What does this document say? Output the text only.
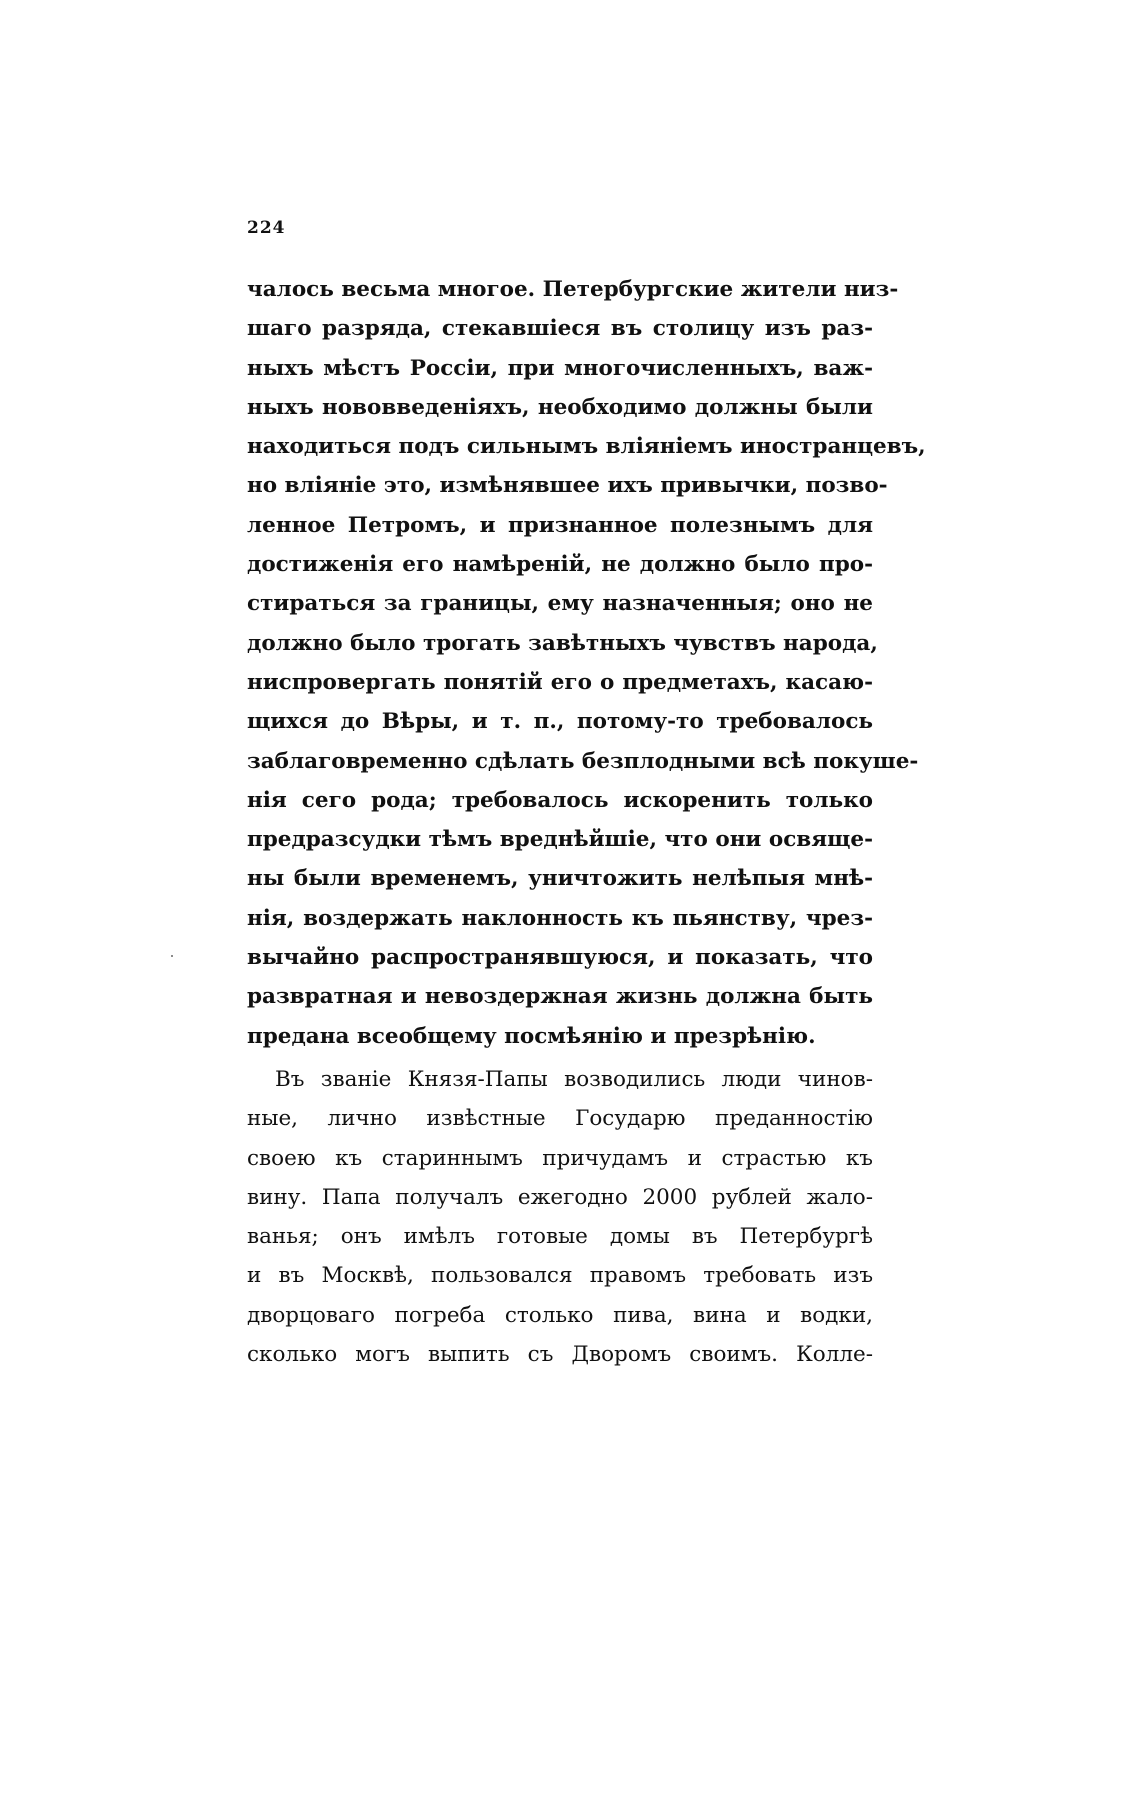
224
чалось весьма многое. Петербургские жители низ-
шаго разряда, стекавшіеся въ столицу изъ раз-
ныхъ мѣстъ Россіи, при многочисленныхъ, важ-
ныхъ нововведеніяхъ, необходимо должны были
находиться подъ сильнымъ вліяніемъ иностранцевъ,
но вліяніе это, измѣнявшее ихъ привычки, позво-
ленное Петромъ, и признанное полезнымъ для
достиженія его намѣреній, не должно было про-
стираться за границы, ему назначенныя; оно не
должно было трогать завѣтныхъ чувствъ народа,
ниспровергать понятій его о предметахъ, касаю-
щихся до Вѣры, и т. п., потому-то требовалось
заблаговременно сдѣлать безплодными всѣ покуше-
нія сего рода; требовалось искоренить только
предразсудки тѣмъ вреднѣйшіе, что они освяще-
ны были временемъ, уничтожить нелѣпыя мнѣ-
нія, воздержать наклонность къ пьянству, чрез-
вычайно распространявшуюся, и показать, что
развратная и невоздержная жизнь должна быть
предана всеобщему посмѣянію и презрѣнію.
Въ званіе Князя-Папы возводились люди чинов-
ные, лично извѣстные Государю преданностію
своею къ стариннымъ причудамъ и страстью къ
вину. Папа получалъ ежегодно 2000 рублей жало-
ванья; онъ имѣлъ готовые домы въ Петербургѣ
и въ Москвѣ, пользовался правомъ требовать изъ
дворцоваго погреба столько пива, вина и водки,
сколько могъ выпить съ Дворомъ своимъ. Колле-
